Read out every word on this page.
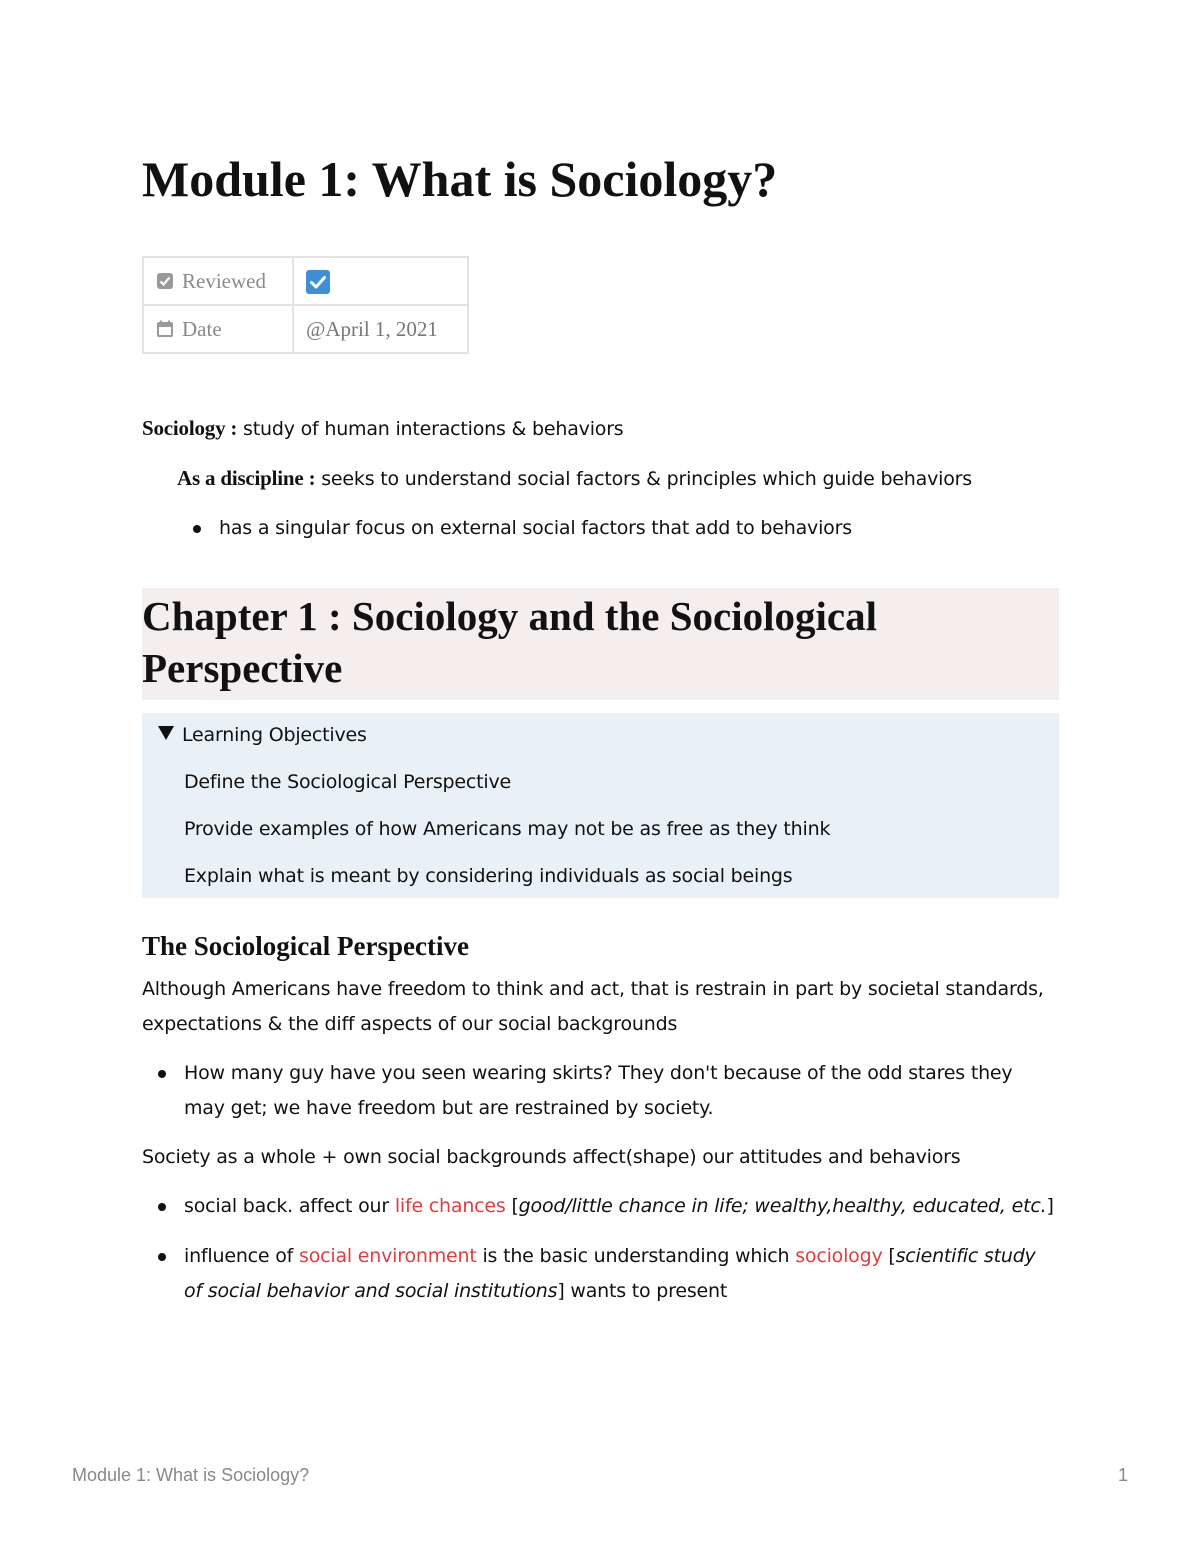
Module 1: What is Sociology?
Reviewed	
Date	@April 1, 2021

Sociology : study of human interactions & behaviors

As a discipline : seeks to understand social factors & principles which guide behaviors

has a singular focus on external social factors that add to behaviors
Chapter 1 : Sociology and the Sociological Perspective
Learning Objectives
Define the Sociological Perspective
Provide examples of how Americans may not be as free as they think
Explain what is meant by considering individuals as social beings
The Sociological Perspective

Although Americans have freedom to think and act, that is restrain in part by societal standards, expectations & the diff aspects of our social backgrounds

How many guy have you seen wearing skirts? They don't because of the odd stares they may get; we have freedom but are restrained by society.

Society as a whole + own social backgrounds affect(shape) our attitudes and behaviors

social back. affect our life chances [good/little chance in life; wealthy,healthy, educated, etc.]
influence of social environment is the basic understanding which sociology [scientific study of social behavior and social institutions] wants to present
Module 1: What is Sociology?	1
